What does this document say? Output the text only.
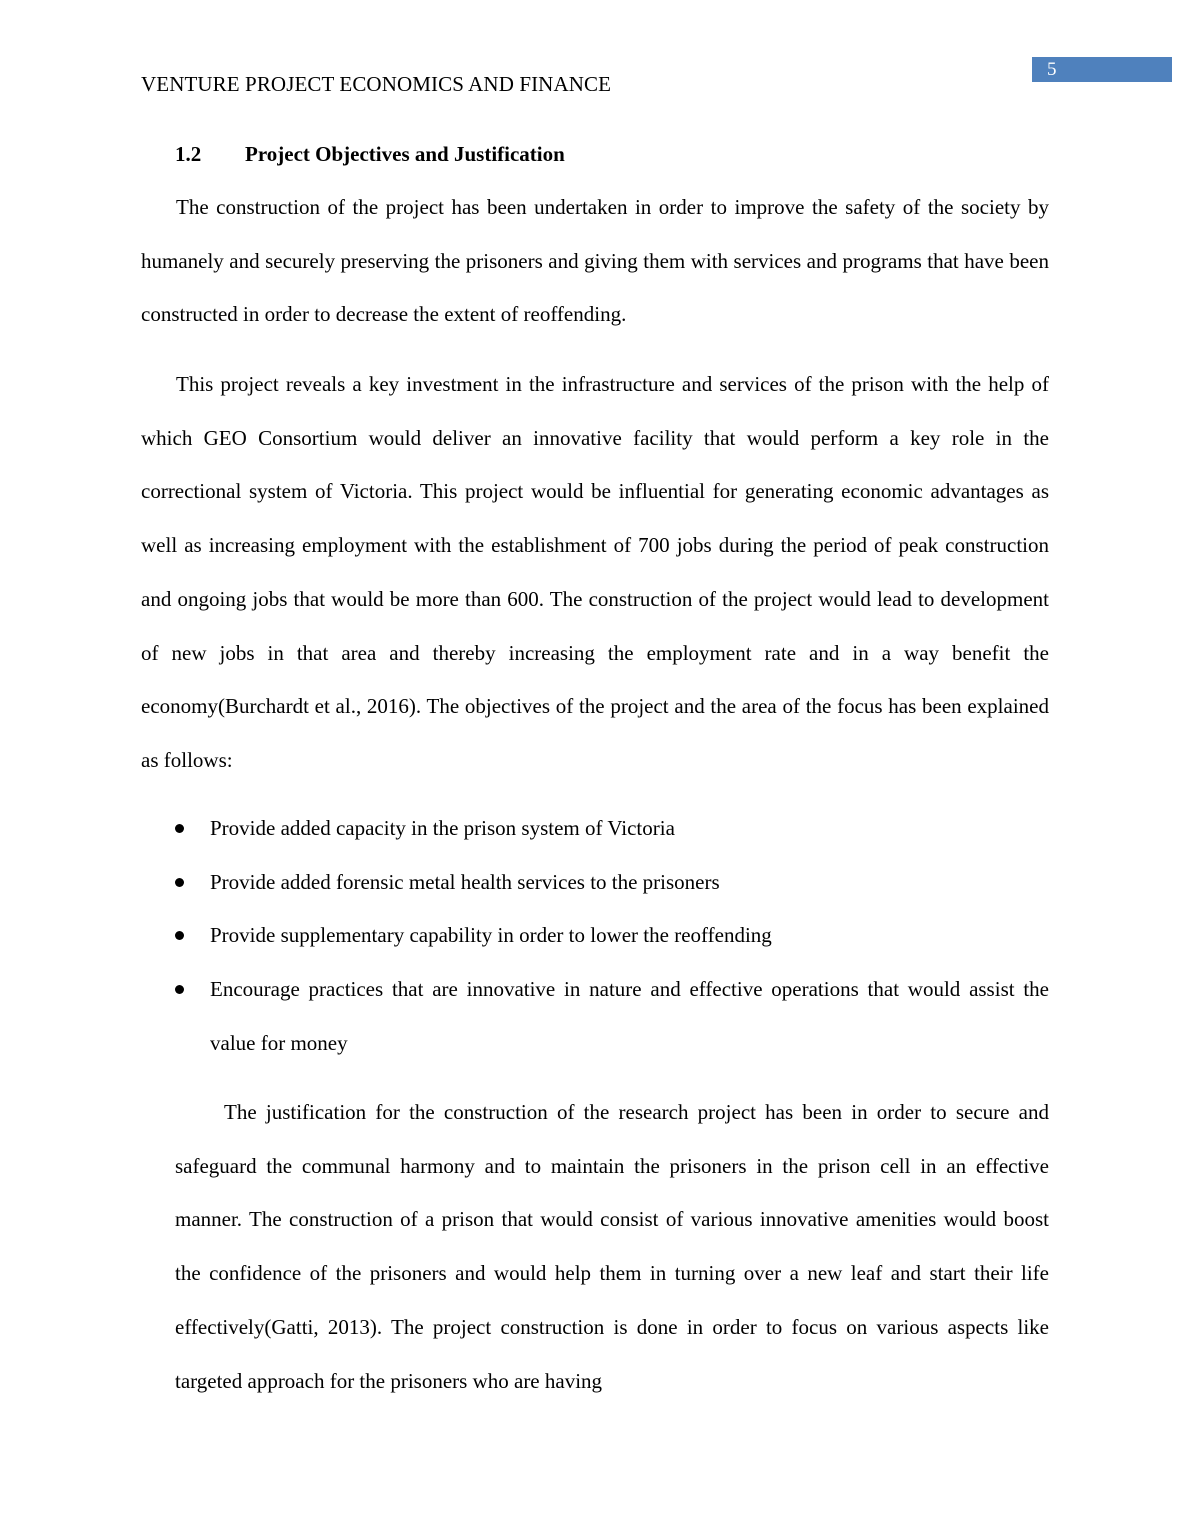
5
VENTURE PROJECT ECONOMICS AND FINANCE
1.2 Project Objectives and Justification

The construction of the project has been undertaken in order to improve the safety of the society by humanely and securely preserving the prisoners and giving them with services and programs that have been constructed in order to decrease the extent of reoffending.

This project reveals a key investment in the infrastructure and services of the prison with the help of which GEO Consortium would deliver an innovative facility that would perform a key role in the correctional system of Victoria. This project would be influential for generating economic advantages as well as increasing employment with the establishment of 700 jobs during the period of peak construction and ongoing jobs that would be more than 600. The construction of the project would lead to development of new jobs in that area and thereby increasing the employment rate and in a way benefit the economy(Burchardt et al., 2016). The objectives of the project and the area of the focus has been explained as follows:

Provide added capacity in the prison system of Victoria
Provide added forensic metal health services to the prisoners
Provide supplementary capability in order to lower the reoffending
Encourage practices that are innovative in nature and effective operations that would assist the value for money

The justification for the construction of the research project has been in order to secure and safeguard the communal harmony and to maintain the prisoners in the prison cell in an effective manner. The construction of a prison that would consist of various innovative amenities would boost the confidence of the prisoners and would help them in turning over a new leaf and start their life effectively(Gatti, 2013). The project construction is done in order to focus on various aspects like targeted approach for the prisoners who are having
